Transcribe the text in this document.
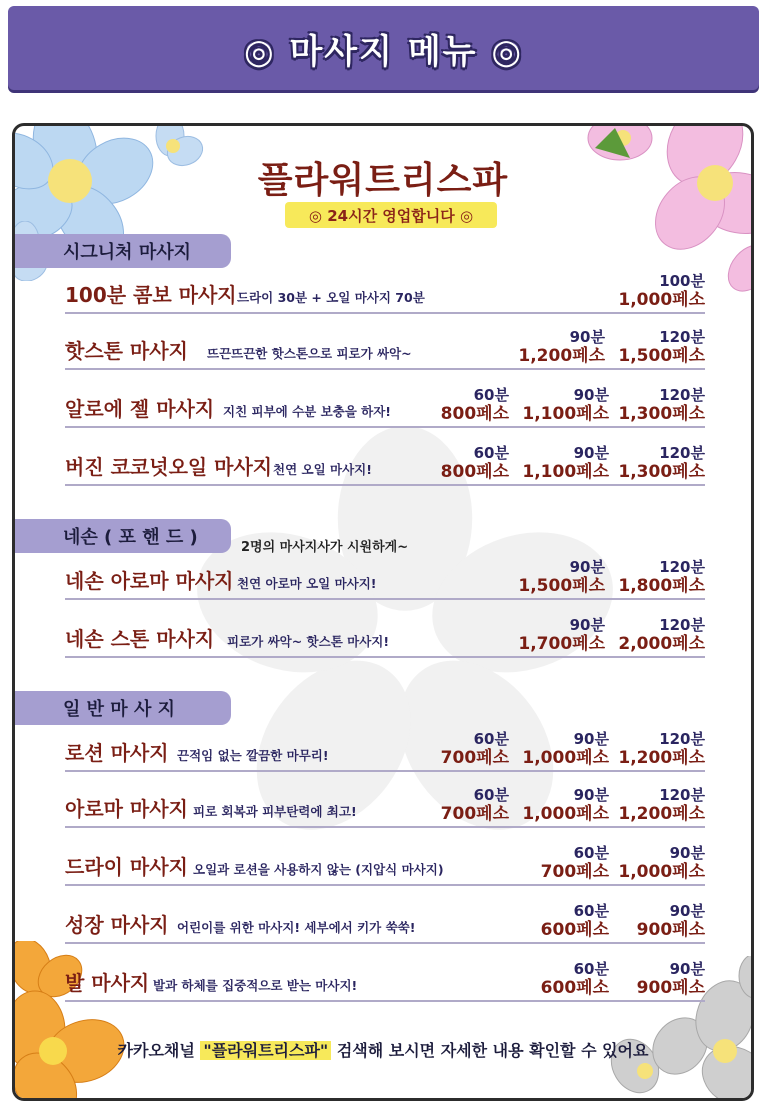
◎ 마사지 메뉴 ◎
플라워트리스파
◎ 24시간 영업합니다 ◎
시그니처 마사지
100분 콤보 마사지 드라이 30분 + 오일 마사지 70분
100분
1,000페소
핫스톤 마사지 뜨끈뜨끈한 핫스톤으로 피로가 싸악~
90분
1,200페소
120분
1,500페소
알로에 젤 마사지 지친 피부에 수분 보충을 하자!
60분
800페소
90분
1,100페소
120분
1,300페소
버진 코코넛오일 마사지 천연 오일 마사지!
60분
800페소
90분
1,100페소
120분
1,300페소
네손 ( 포 핸 드 )	2명의 마사지사가 시원하게~
네손 아로마 마사지 천연 아로마 오일 마사지!
90분
1,500페소
120분
1,800페소
네손 스톤 마사지 피로가 싸악~ 핫스톤 마사지!
90분
1,700페소
120분
2,000페소
일 반 마 사 지
로션 마사지 끈적임 없는 깔끔한 마무리!
60분
700페소
90분
1,000페소
120분
1,200페소
아로마 마사지 피로 회복과 피부탄력에 최고!
60분
700페소
90분
1,000페소
120분
1,200페소
드라이 마사지 오일과 로션을 사용하지 않는 (지압식 마사지)
60분
700페소
90분
1,000페소
성장 마사지 어린이를 위한 마사지! 세부에서 키가 쑥쑥!
60분
600페소
90분
900페소
발 마사지 발과 하체를 집중적으로 받는 마사지!
60분
600페소
90분
900페소
카카오채널 "플라워트리스파" 검색해 보시면 자세한 내용 확인할 수 있어요
